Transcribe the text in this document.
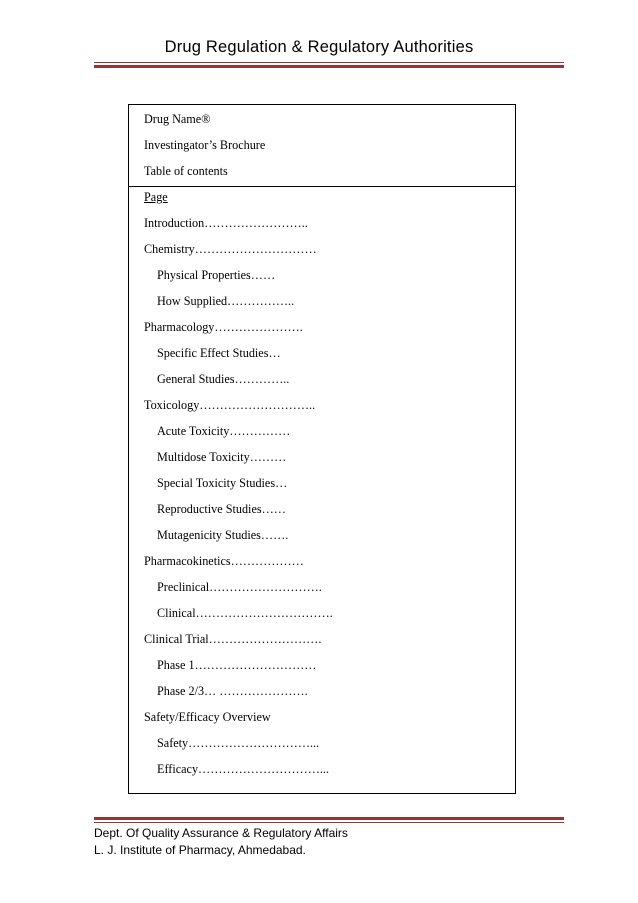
Drug Regulation & Regulatory Authorities
Drug Name®
Investingator’s Brochure
Table of contents
Page
Introduction……………………..
Chemistry…………………………
Physical Properties……
How Supplied……………..
Pharmacology………………….
Specific Effect Studies…
General Studies…………..
Toxicology………………………..
Acute Toxicity……………
Multidose Toxicity………
Special Toxicity Studies…
Reproductive Studies……
Mutagenicity Studies…….
Pharmacokinetics………………
Preclinical……………………….
Clinical…………………………….
Clinical Trial……………………….
Phase 1…………………………
Phase 2/3… ………………….
Safety/Efficacy Overview
Safety…………………………...
Efficacy…………………………...
Dept. Of Quality Assurance & Regulatory Affairs
L. J. Institute of Pharmacy, Ahmedabad.
